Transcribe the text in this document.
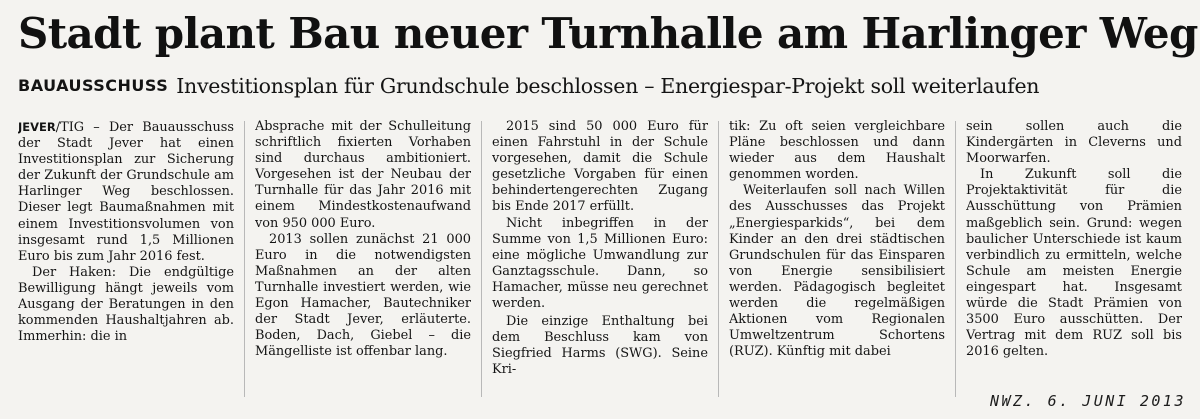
Stadt plant Bau neuer Turnhalle am Harlinger Weg
BAUAUSSCHUSS Investitionsplan für Grundschule beschlossen – Energiespar-Projekt soll weiterlaufen

JEVER/TIG – Der Bauausschuss der Stadt Jever hat einen Investitionsplan zur Sicherung der Zukunft der Grundschule am Harlinger Weg beschlossen. Dieser legt Baumaßnahmen mit einem Investitionsvolumen von insgesamt rund 1,5 Millionen Euro bis zum Jahr 2016 fest.

Der Haken: Die endgültige Bewilligung hängt jeweils vom Ausgang der Beratungen in den kommenden Haushaltjahren ab. Immerhin: die in

Absprache mit der Schulleitung schriftlich fixierten Vorhaben sind durchaus ambitioniert. Vorgesehen ist der Neubau der Turnhalle für das Jahr 2016 mit einem Mindestkostenaufwand von 950 000 Euro.

2013 sollen zunächst 21 000 Euro in die notwendigsten Maßnahmen an der alten Turnhalle investiert werden, wie Egon Hamacher, Bautechniker der Stadt Jever, erläuterte. Boden, Dach, Giebel – die Mängelliste ist offenbar lang.

2015 sind 50 000 Euro für einen Fahrstuhl in der Schule vorgesehen, damit die Schule gesetzliche Vorgaben für einen behindertengerechten Zugang bis Ende 2017 erfüllt.

Nicht inbegriffen in der Summe von 1,5 Millionen Euro: eine mögliche Umwandlung zur Ganztagsschule. Dann, so Hamacher, müsse neu gerechnet werden.

Die einzige Enthaltung bei dem Beschluss kam von Siegfried Harms (SWG). Seine Kri-

tik: Zu oft seien vergleichbare Pläne beschlossen und dann wieder aus dem Haushalt genommen worden.

Weiterlaufen soll nach Willen des Ausschusses das Projekt „Energiesparkids“, bei dem Kinder an den drei städtischen Grundschulen für das Einsparen von Energie sensibilisiert werden. Pädagogisch begleitet werden die regelmäßigen Aktionen vom Regionalen Umweltzentrum Schortens (RUZ). Künftig mit dabei

sein sollen auch die Kindergärten in Cleverns und Moorwarfen.

In Zukunft soll die Projektaktivität für die Ausschüttung von Prämien maßgeblich sein. Grund: wegen baulicher Unterschiede ist kaum verbindlich zu ermitteln, welche Schule am meisten Energie eingespart hat. Insgesamt würde die Stadt Prämien von 3500 Euro ausschütten. Der Vertrag mit dem RUZ soll bis 2016 gelten.

NWZ. 6. JUNI 2013
